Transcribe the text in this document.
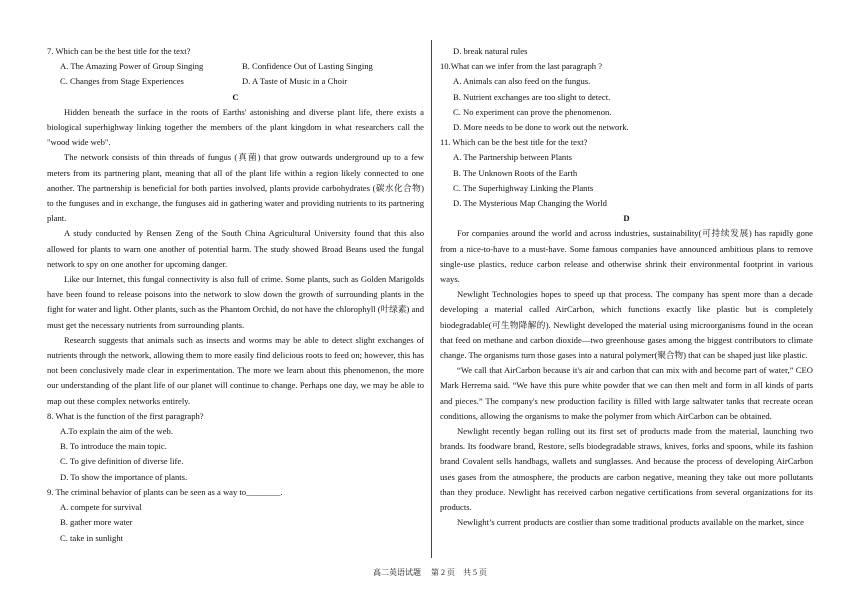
7. Which can be the best title for the text?

A. The Amazing Power of Group Singing	B. Confidence Out of Lasting Singing
C. Changes from Stage Experiences	D. A Taste of Music in a Choir

C

Hidden beneath the surface in the roots of Earths' astonishing and diverse plant life, there exists a biological superhighway linking together the members of the plant kingdom in what researchers call the "wood wide web".

The network consists of thin threads of fungus (真菌) that grow outwards underground up to a few meters from its partnering plant, meaning that all of the plant life within a region likely connected to one another. The partnership is beneficial for both parties involved, plants provide carbohydrates (碳水化合物) to the funguses and in exchange, the funguses aid in gathering water and providing nutrients to its partnering plant.

A study conducted by Rensen Zeng of the South China Agricultural University found that this also allowed for plants to warn one another of potential harm. The study showed Broad Beans used the fungal network to spy on one another for upcoming danger.

Like our Internet, this fungal connectivity is also full of crime. Some plants, such as Golden Marigolds have been found to release poisons into the network to slow down the growth of surrounding plants in the fight for water and light. Other plants, such as the Phantom Orchid, do not have the chlorophyll (叶绿素) and must get the necessary nutrients from surrounding plants.

Research suggests that animals such as insects and worms may be able to detect slight exchanges of nutrients through the network, allowing them to more easily find delicious roots to feed on; however, this has not been conclusively made clear in experimentation. The more we learn about this phenomenon, the more our understanding of the plant life of our planet will continue to change. Perhaps one day, we may be able to map out these complex networks entirely.

8. What is the function of the first paragraph?

A.To explain the aim of the web.

B. To introduce the main topic.

C. To give definition of diverse life.

D. To show the importance of plants.

9. The criminal behavior of plants can be seen as a way to________.

A. compete for survival

B. gather more water

C. take in sunlight

D. break natural rules

10.What can we infer from the last paragraph ?

A. Animals can also feed on the fungus.

B. Nutrient exchanges are too slight to detect.

C. No experiment can prove the phenomenon.

D. More needs to be done to work out the network.

11. Which can be the best title for the text?

A. The Partnership between Plants

B. The Unknown Roots of the Earth

C. The Superhighway Linking the Plants

D. The Mysterious Map Changing the World

D

For companies around the world and across industries, sustainability(可持续发展) has rapidly gone from a nice-to-have to a must-have. Some famous companies have announced ambitious plans to remove single-use plastics, reduce carbon release and otherwise shrink their environmental footprint in various ways.

Newlight Technologies hopes to speed up that process. The company has spent more than a decade developing a material called AirCarbon, which functions exactly like plastic but is completely biodegradable(可生物降解的). Newlight developed the material using microorganisms found in the ocean that feed on methane and carbon dioxide—two greenhouse gases among the biggest contributors to climate change. The organisms turn those gases into a natural polymer(聚合物) that can be shaped just like plastic.

“We call that AirCarbon because it's air and carbon that can mix with and become part of water,” CEO Mark Herrema said. “We have this pure white powder that we can then melt and form in all kinds of parts and pieces.” The company's new production facility is filled with large saltwater tanks that recreate ocean conditions, allowing the organisms to make the polymer from which AirCarbon can be obtained.

Newlight recently began rolling out its first set of products made from the material, launching two brands. Its foodware brand, Restore, sells biodegradable straws, knives, forks and spoons, while its fashion brand Covalent sells handbags, wallets and sunglasses. And because the process of developing AirCarbon uses gases from the atmosphere, the products are carbon negative, meaning they take out more pollutants than they produce. Newlight has received carbon negative certifications from several organizations for its products.

Newlight’s current products are costlier than some traditional products available on the market, since

高二英语试题　 第 2 页　共 5 页
